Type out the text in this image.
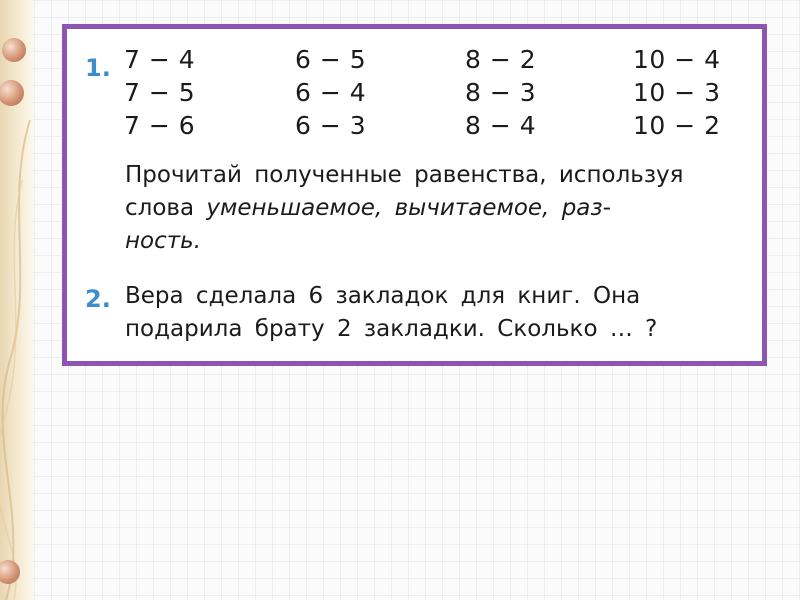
1. 7 − 4
7 − 5
7 − 6
6 − 5
6 − 4
6 − 3
8 − 2
8 − 3
8 − 4
10 − 4
10 − 3
10 − 2
Прочитай полученные равенства, используя
слова уменьшаемое, вычитаемое, раз-
ность.
2. Вера сделала 6 закладок для книг. Она
подарила брату 2 закладки. Сколько … ?
